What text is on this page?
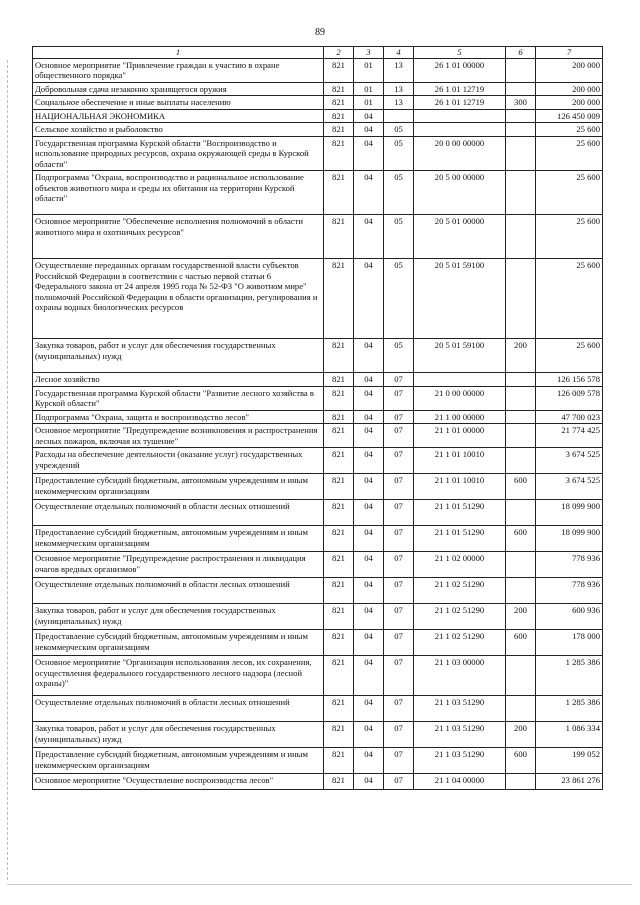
89
1	2	3	4	5	6	7
Основное мероприятие "Привлечение граждан к участию в охране общественного порядка"	821	01	13	26 1 01 00000		200 000
Добровольная сдача незаконно хранящегося оружия	821	01	13	26 1 01 12719		200 000
Социальное обеспечение и иные выплаты населению	821	01	13	26 1 01 12719	300	200 000
НАЦИОНАЛЬНАЯ ЭКОНОМИКА	821	04				126 450 009
Сельское хозяйство и рыболовство	821	04	05			25 600
Государственная программа Курской области "Воспроизводство и использование природных ресурсов, охрана окружающей среды в Курской области"	821	04	05	20 0 00 00000		25 600
Подпрограмма "Охрана, воспроизводство и рациональное использование объектов животного мира и среды их обитания на территории Курской области"	821	04	05	20 5 00 00000		25 600
Основное мероприятие "Обеспечение исполнения полномочий в области животного мира и охотничьих ресурсов"	821	04	05	20 5 01 00000		25 600
Осуществление переданных органам государственной власти субъектов Российской Федерации в соответствии с частью первой статьи 6 Федерального закона от 24 апреля 1995 года № 52-ФЗ "О животном мире" полномочий Российской Федерации в области организации, регулирования и охраны водных биологических ресурсов	821	04	05	20 5 01 59100		25 600
Закупка товаров, работ и услуг для обеспечения государственных (муниципальных) нужд	821	04	05	20 5 01 59100	200	25 600
Лесное хозяйство	821	04	07			126 156 578
Государственная программа Курской области "Развитие лесного хозяйства в Курской области"	821	04	07	21 0 00 00000		126 009 578
Подпрограмма "Охрана, защита и воспроизводство лесов"	821	04	07	21 1 00 00000		47 700 023
Основное мероприятие "Предупреждение возникновения и распространения лесных пожаров, включая их тушение"	821	04	07	21 1 01 00000		21 774 425
Расходы на обеспечение деятельности (оказание услуг) государственных учреждений	821	04	07	21 1 01 10010		3 674 525
Предоставление субсидий бюджетным, автономным учреждениям и иным некоммерческим организациям	821	04	07	21 1 01 10010	600	3 674 525
Осуществление отдельных полномочий в области лесных отношений	821	04	07	21 1 01 51290		18 099 900
Предоставление субсидий бюджетным, автономным учреждениям и иным некоммерческим организациям	821	04	07	21 1 01 51290	600	18 099 900
Основное мероприятие "Предупреждение распространения и ликвидация очагов вредных организмов"	821	04	07	21 1 02 00000		778 936
Осуществление отдельных полномочий в области лесных отношений	821	04	07	21 1 02 51290		778 936
Закупка товаров, работ и услуг для обеспечения государственных (муниципальных) нужд	821	04	07	21 1 02 51290	200	600 936
Предоставление субсидий бюджетным, автономным учреждениям и иным некоммерческим организациям	821	04	07	21 1 02 51290	600	178 000
Основное мероприятие "Организация использования лесов, их сохранения, осуществления федерального государственного лесного надзора (лесной охраны)"	821	04	07	21 1 03 00000		1 285 386
Осуществление отдельных полномочий в области лесных отношений	821	04	07	21 1 03 51290		1 285 386
Закупка товаров, работ и услуг для обеспечения государственных (муниципальных) нужд	821	04	07	21 1 03 51290	200	1 086 334
Предоставление субсидий бюджетным, автономным учреждениям и иным некоммерческим организациям	821	04	07	21 1 03 51290	600	199 052
Основное мероприятие "Осуществление воспроизводства лесов"	821	04	07	21 1 04 00000		23 861 276
